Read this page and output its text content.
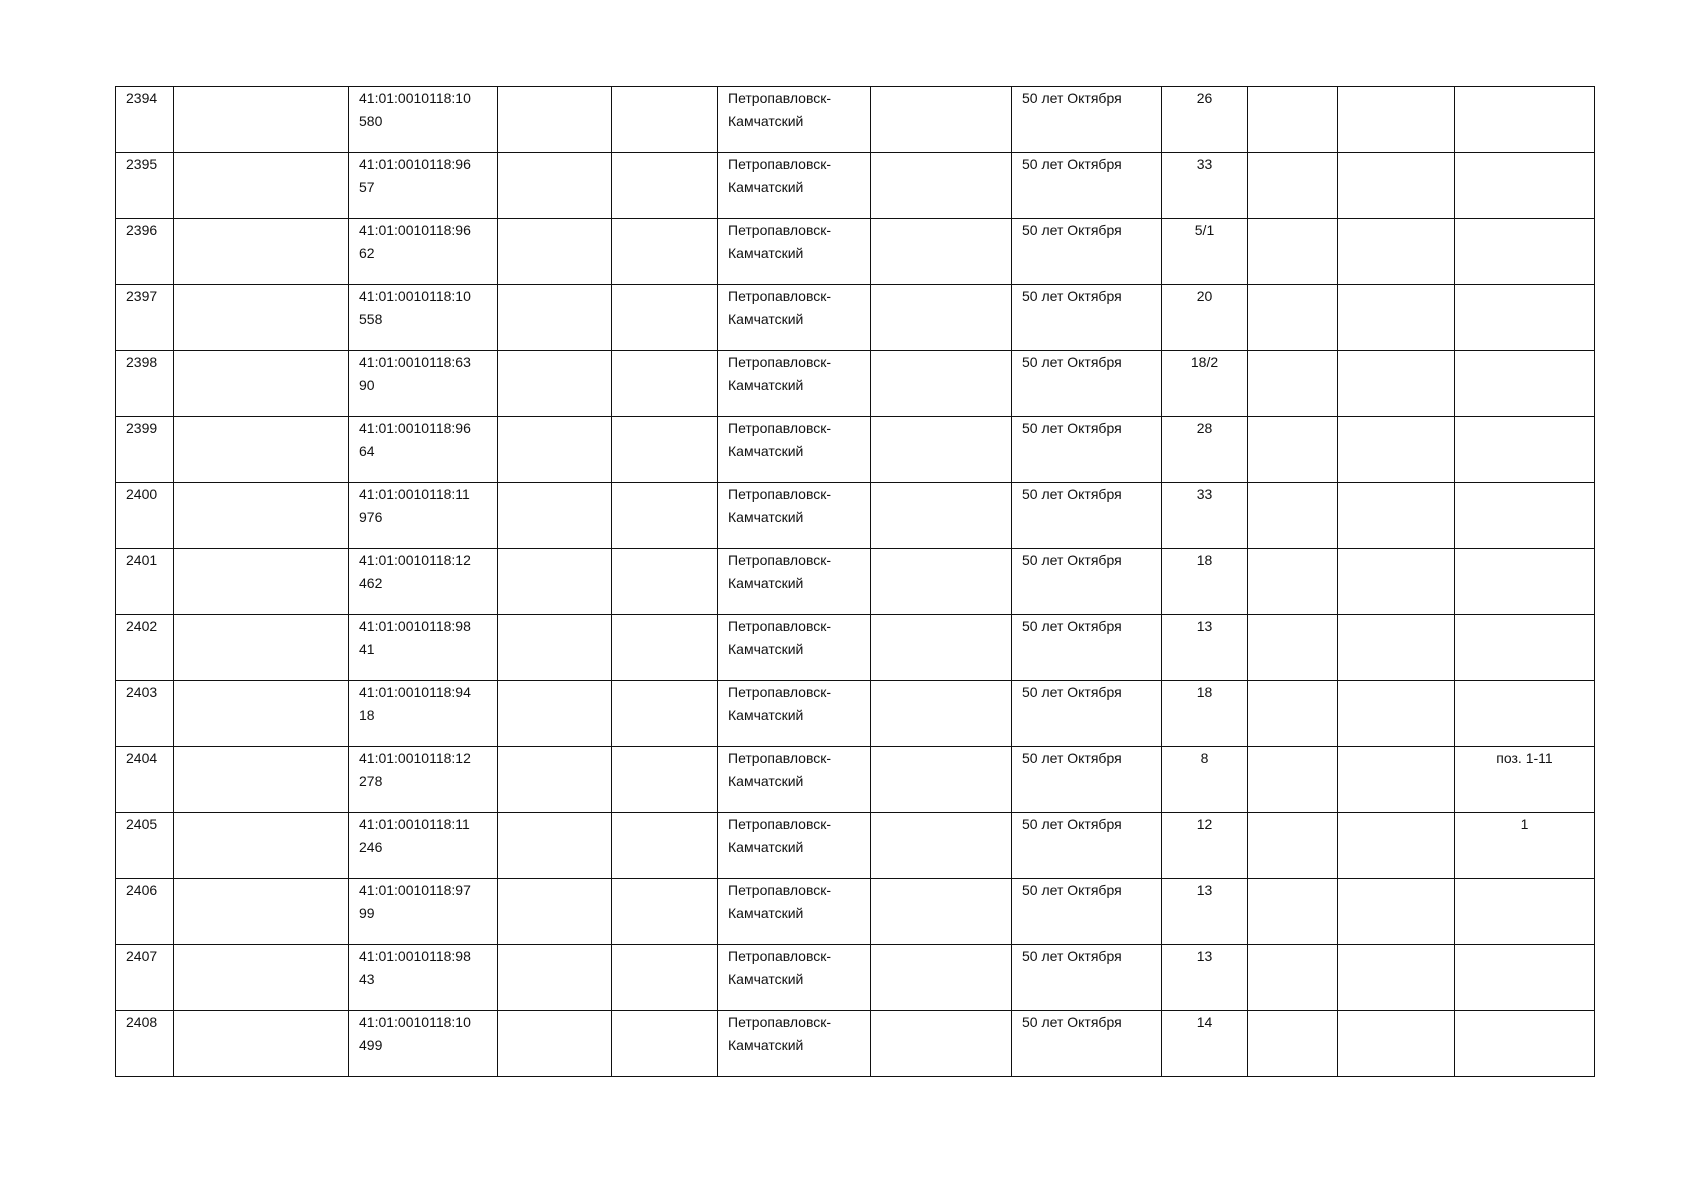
2394		41:01:0010118:10
580			Петропавловск-
Камчатский		50 лет Октября	26			
2395		41:01:0010118:96
57			Петропавловск-
Камчатский		50 лет Октября	33			
2396		41:01:0010118:96
62			Петропавловск-
Камчатский		50 лет Октября	5/1			
2397		41:01:0010118:10
558			Петропавловск-
Камчатский		50 лет Октября	20			
2398		41:01:0010118:63
90			Петропавловск-
Камчатский		50 лет Октября	18/2			
2399		41:01:0010118:96
64			Петропавловск-
Камчатский		50 лет Октября	28			
2400		41:01:0010118:11
976			Петропавловск-
Камчатский		50 лет Октября	33			
2401		41:01:0010118:12
462			Петропавловск-
Камчатский		50 лет Октября	18			
2402		41:01:0010118:98
41			Петропавловск-
Камчатский		50 лет Октября	13			
2403		41:01:0010118:94
18			Петропавловск-
Камчатский		50 лет Октября	18			
2404		41:01:0010118:12
278			Петропавловск-
Камчатский		50 лет Октября	8			поз. 1-11
2405		41:01:0010118:11
246			Петропавловск-
Камчатский		50 лет Октября	12			1
2406		41:01:0010118:97
99			Петропавловск-
Камчатский		50 лет Октября	13			
2407		41:01:0010118:98
43			Петропавловск-
Камчатский		50 лет Октября	13			
2408		41:01:0010118:10
499			Петропавловск-
Камчатский		50 лет Октября	14			
